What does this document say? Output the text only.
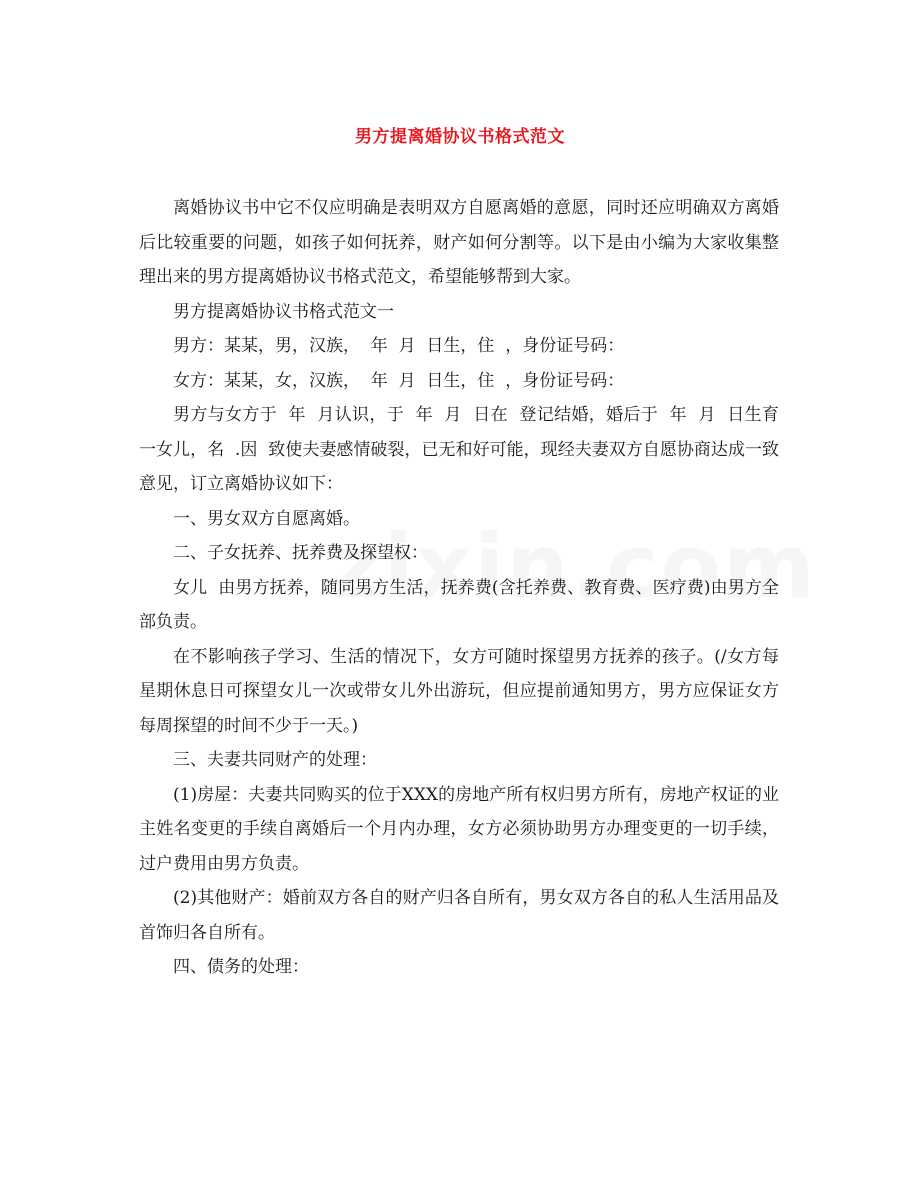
男方提离婚协议书格式范文

离婚协议书中它不仅应明确是表明双方自愿离婚的意愿，同时还应明确双方离婚后比较重要的问题，如孩子如何抚养，财产如何分割等。以下是由小编为大家收集整理出来的男方提离婚协议书格式范文，希望能够帮到大家。

男方提离婚协议书格式范文一

男方：某某，男，汉族，  年  月  日生，住  ，身份证号码：

女方：某某，女，汉族，  年  月  日生，住  ，身份证号码：

男方与女方于  年  月认识，于  年  月  日在  登记结婚，婚后于  年  月  日生育一女儿，名  .因  致使夫妻感情破裂，已无和好可能，现经夫妻双方自愿协商达成一致意见，订立离婚协议如下：

一、男女双方自愿离婚。

二、子女抚养、抚养费及探望权：

女儿  由男方抚养，随同男方生活，抚养费(含托养费、教育费、医疗费)由男方全部负责。

在不影响孩子学习、生活的情况下，女方可随时探望男方抚养的孩子。(/女方每星期休息日可探望女儿一次或带女儿外出游玩，但应提前通知男方，男方应保证女方每周探望的时间不少于一天。)

三、夫妻共同财产的处理：

(1)房屋：夫妻共同购买的位于XXX的房地产所有权归男方所有，房地产权证的业主姓名变更的手续自离婚后一个月内办理，女方必须协助男方办理变更的一切手续，过户费用由男方负责。

(2)其他财产：婚前双方各自的财产归各自所有，男女双方各自的私人生活用品及首饰归各自所有。

四、债务的处理：
